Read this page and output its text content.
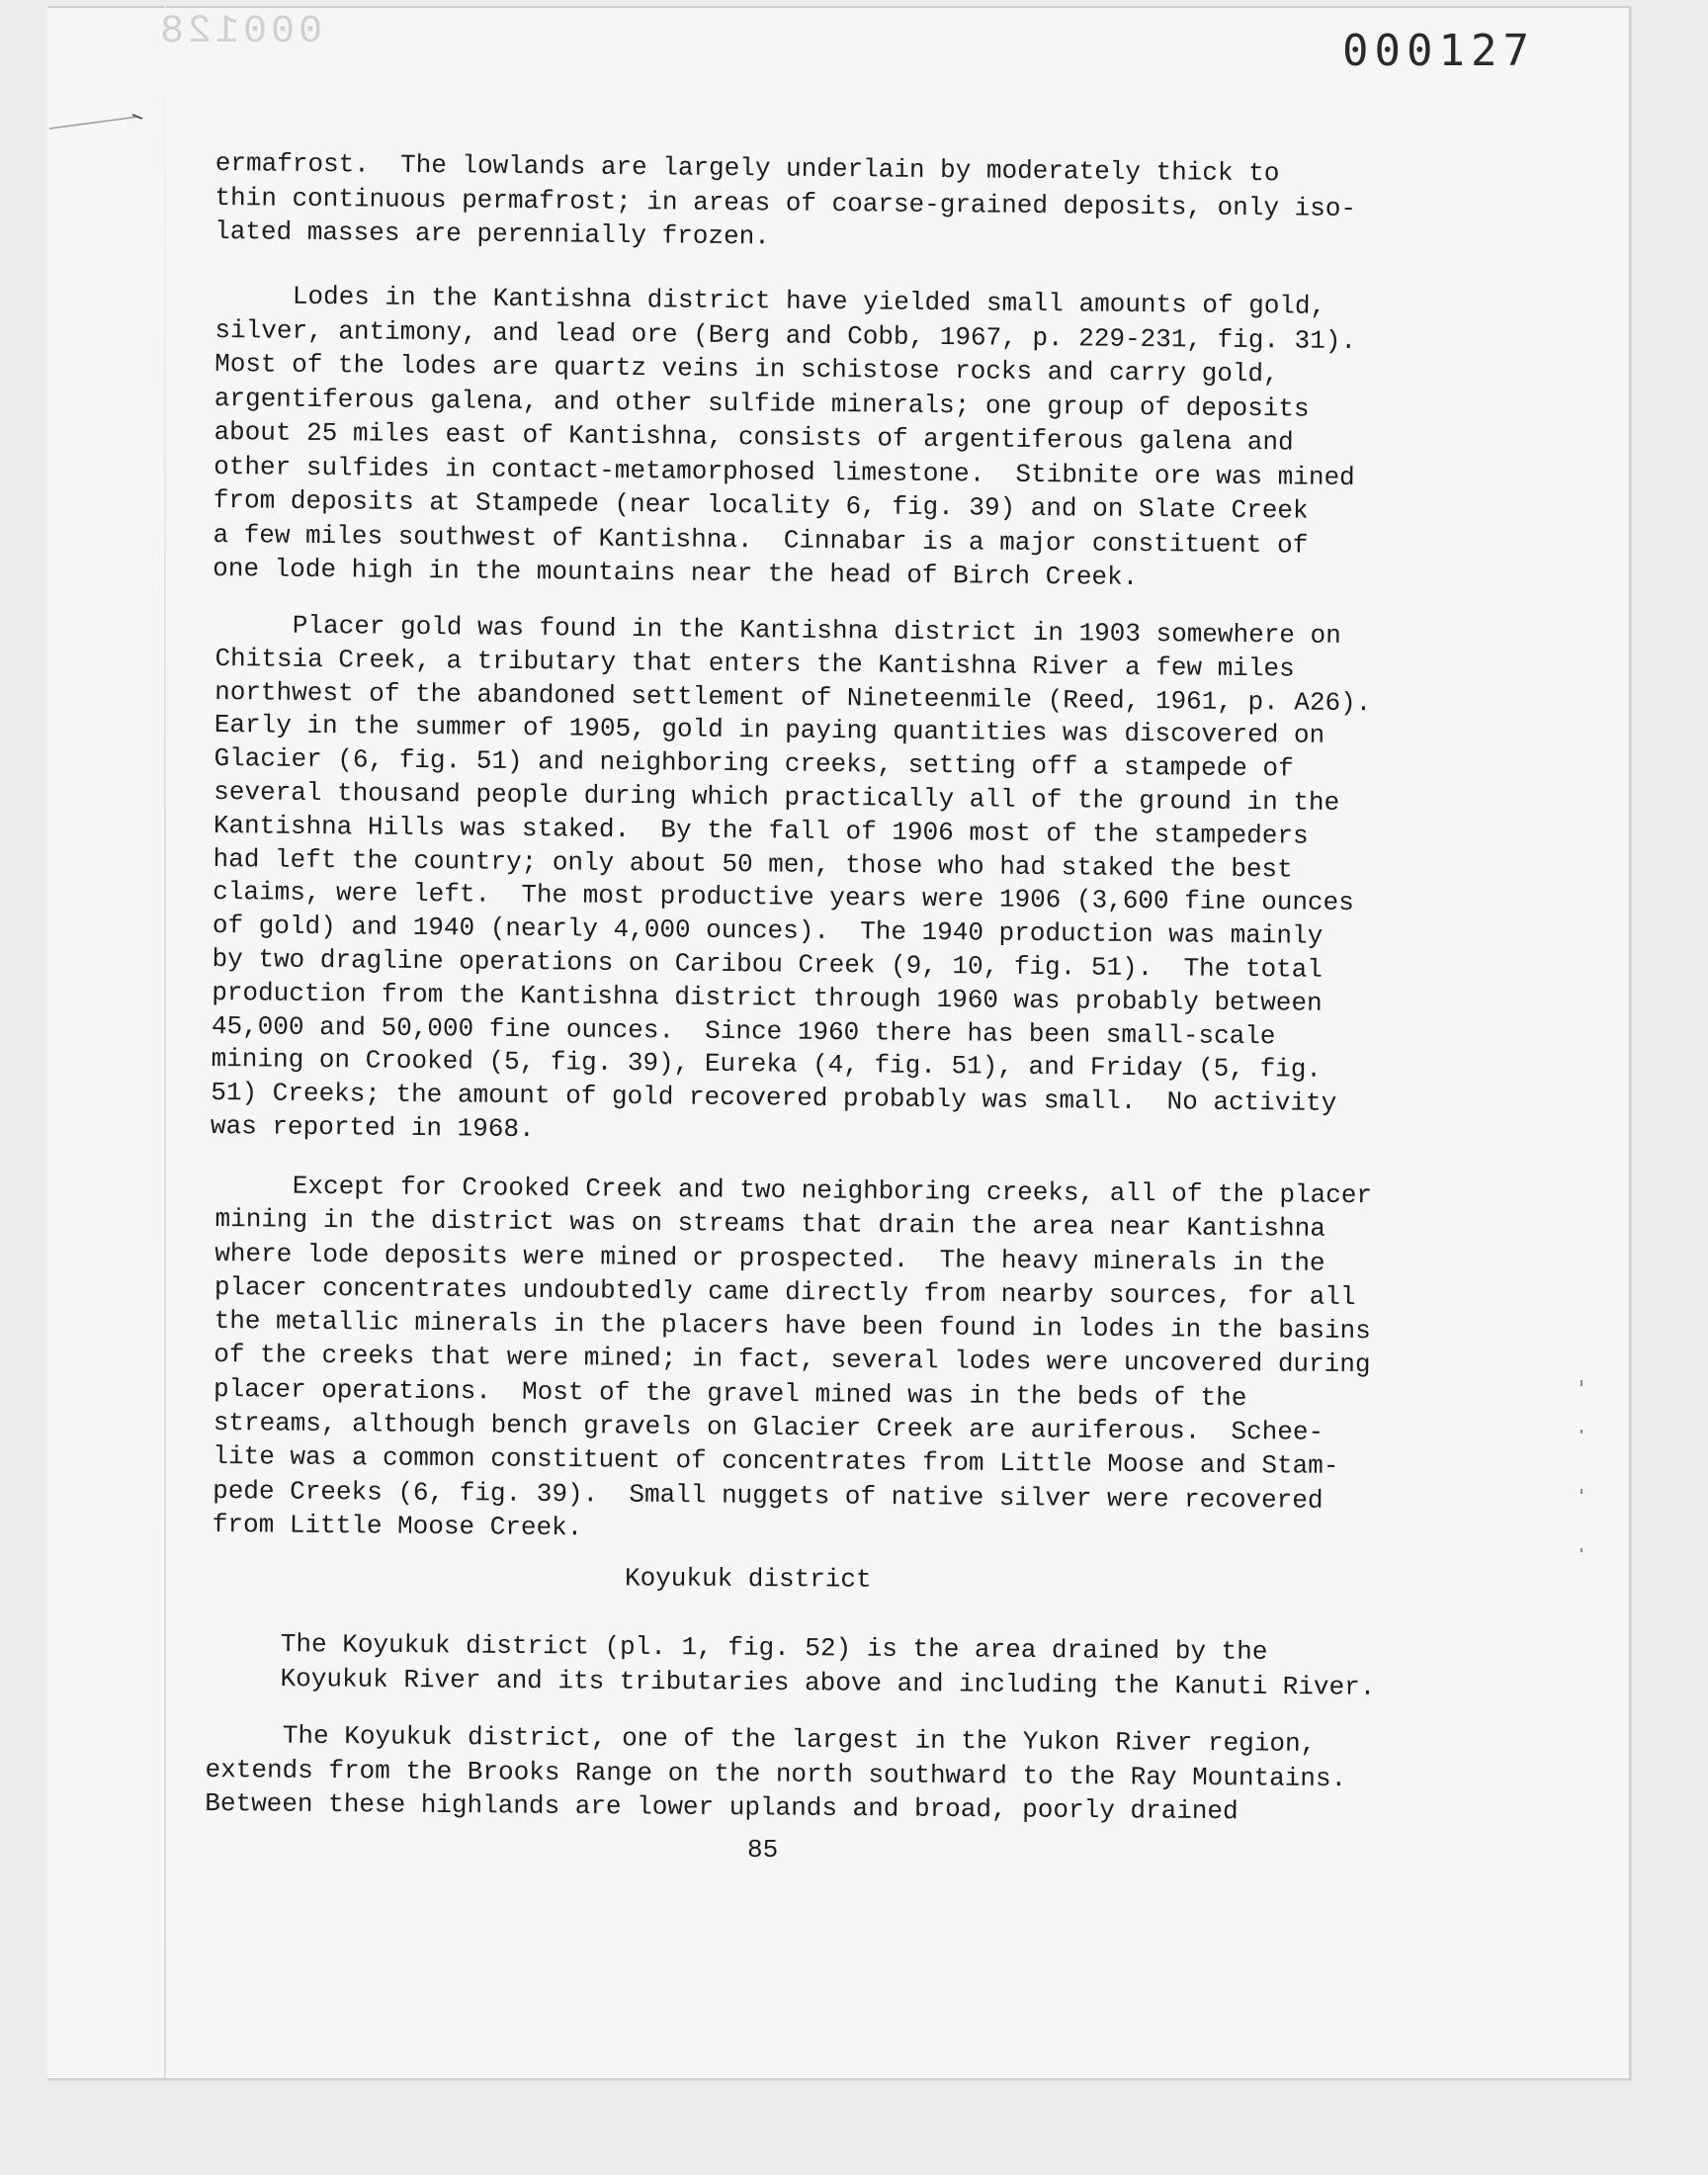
000128	000127
ermafrost.  The lowlands are largely underlain by moderately thick to
thin continuous permafrost; in areas of coarse-grained deposits, only iso-
lated masses are perennially frozen.
Lodes in the Kantishna district have yielded small amounts of gold,
silver, antimony, and lead ore (Berg and Cobb, 1967, p. 229-231, fig. 31).
Most of the lodes are quartz veins in schistose rocks and carry gold,
argentiferous galena, and other sulfide minerals; one group of deposits
about 25 miles east of Kantishna, consists of argentiferous galena and
other sulfides in contact-metamorphosed limestone.  Stibnite ore was mined
from deposits at Stampede (near locality 6, fig. 39) and on Slate Creek
a few miles southwest of Kantishna.  Cinnabar is a major constituent of
one lode high in the mountains near the head of Birch Creek.
Placer gold was found in the Kantishna district in 1903 somewhere on
Chitsia Creek, a tributary that enters the Kantishna River a few miles
northwest of the abandoned settlement of Nineteenmile (Reed, 1961, p. A26).
Early in the summer of 1905, gold in paying quantities was discovered on
Glacier (6, fig. 51) and neighboring creeks, setting off a stampede of
several thousand people during which practically all of the ground in the
Kantishna Hills was staked.  By the fall of 1906 most of the stampeders
had left the country; only about 50 men, those who had staked the best
claims, were left.  The most productive years were 1906 (3,600 fine ounces
of gold) and 1940 (nearly 4,000 ounces).  The 1940 production was mainly
by two dragline operations on Caribou Creek (9, 10, fig. 51).  The total
production from the Kantishna district through 1960 was probably between
45,000 and 50,000 fine ounces.  Since 1960 there has been small-scale
mining on Crooked (5, fig. 39), Eureka (4, fig. 51), and Friday (5, fig.
51) Creeks; the amount of gold recovered probably was small.  No activity
was reported in 1968.
Except for Crooked Creek and two neighboring creeks, all of the placer
mining in the district was on streams that drain the area near Kantishna
where lode deposits were mined or prospected.  The heavy minerals in the
placer concentrates undoubtedly came directly from nearby sources, for all
the metallic minerals in the placers have been found in lodes in the basins
of the creeks that were mined; in fact, several lodes were uncovered during
placer operations.  Most of the gravel mined was in the beds of the
streams, although bench gravels on Glacier Creek are auriferous.  Schee-
lite was a common constituent of concentrates from Little Moose and Stam-
pede Creeks (6, fig. 39).  Small nuggets of native silver were recovered
from Little Moose Creek.
Koyukuk district
The Koyukuk district (pl. 1, fig. 52) is the area drained by the
Koyukuk River and its tributaries above and including the Kanuti River.
The Koyukuk district, one of the largest in the Yukon River region,
extends from the Brooks Range on the north southward to the Ray Mountains.
Between these highlands are lower uplands and broad, poorly drained
85
